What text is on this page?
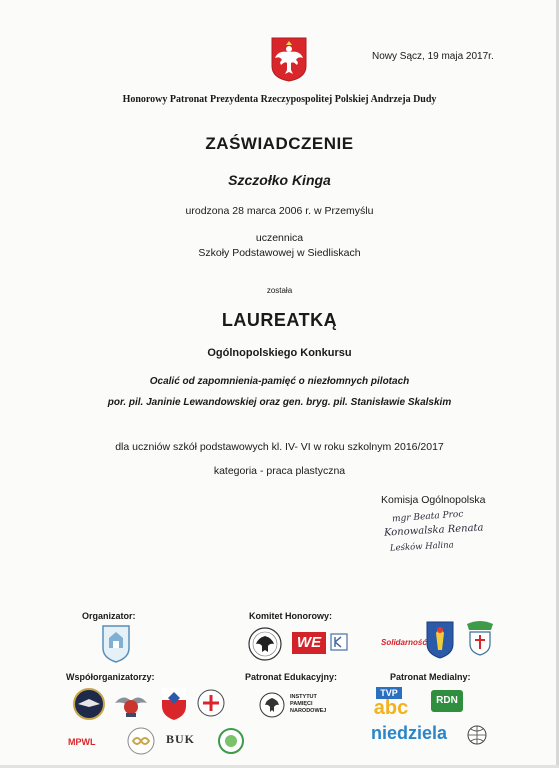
Nowy Sącz, 19 maja 2017r.
Honorowy Patronat Prezydenta Rzeczypospolitej Polskiej Andrzeja Dudy
ZAŚWIADCZENIE
Szczołko Kinga
urodzona 28 marca 2006 r. w Przemyślu
uczennica
Szkoły Podstawowej w Siedliskach
została
LAUREATKĄ
Ogólnopolskiego Konkursu
Ocalić od zapomnienia-pamięć o niezłomnych pilotach
por. pil. Janinie Lewandowskiej oraz gen. bryg. pil. Stanisławie Skalskim
dla uczniów szkół podstawowych kl. IV- VI w roku szkolnym 2016/2017
kategoria - praca plastyczna
Komisja Ogólnopolska
mgr Beata Proc
Konowalska Renata
Leśków Halina
Organizator:	Komitet Honorowy:
Współorganizatorzy:	Patronat Edukacyjny:	Patronat Medialny:
WE	Solidarność
MPWL	BUK
INSTYTUT PAMIĘCI NARODOWEJ
TVP
abc	RDN
niedziela
